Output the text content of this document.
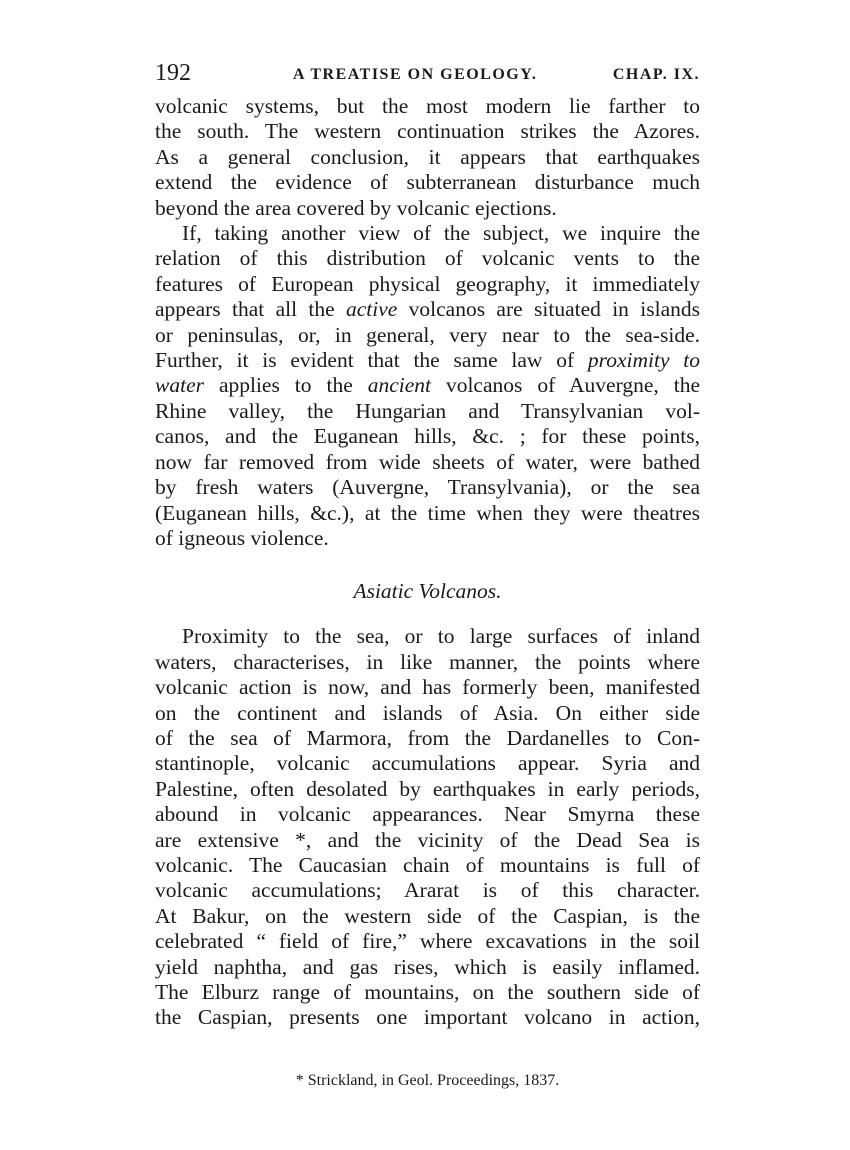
192	A TREATISE ON GEOLOGY.	CHAP. IX.
volcanic systems, but the most modern lie farther to
the south. The western continuation strikes the Azores.
As a general conclusion, it appears that earthquakes
extend the evidence of subterranean disturbance much
beyond the area covered by volcanic ejections.
If, taking another view of the subject, we inquire the
relation of this distribution of volcanic vents to the
features of European physical geography, it immediately
appears that all the active volcanos are situated in islands
or peninsulas, or, in general, very near to the sea-side.
Further, it is evident that the same law of proximity to
water applies to the ancient volcanos of Auvergne, the
Rhine valley, the Hungarian and Transylvanian vol-
canos, and the Euganean hills, &c. ; for these points,
now far removed from wide sheets of water, were bathed
by fresh waters (Auvergne, Transylvania), or the sea
(Euganean hills, &c.), at the time when they were theatres
of igneous violence.
Asiatic Volcanos.
Proximity to the sea, or to large surfaces of inland
waters, characterises, in like manner, the points where
volcanic action is now, and has formerly been, manifested
on the continent and islands of Asia. On either side
of the sea of Marmora, from the Dardanelles to Con-
stantinople, volcanic accumulations appear. Syria and
Palestine, often desolated by earthquakes in early periods,
abound in volcanic appearances. Near Smyrna these
are extensive *, and the vicinity of the Dead Sea is
volcanic. The Caucasian chain of mountains is full of
volcanic accumulations; Ararat is of this character.
At Bakur, on the western side of the Caspian, is the
celebrated “ field of fire,” where excavations in the soil
yield naphtha, and gas rises, which is easily inflamed.
The Elburz range of mountains, on the southern side of
the Caspian, presents one important volcano in action,
* Strickland, in Geol. Proceedings, 1837.
